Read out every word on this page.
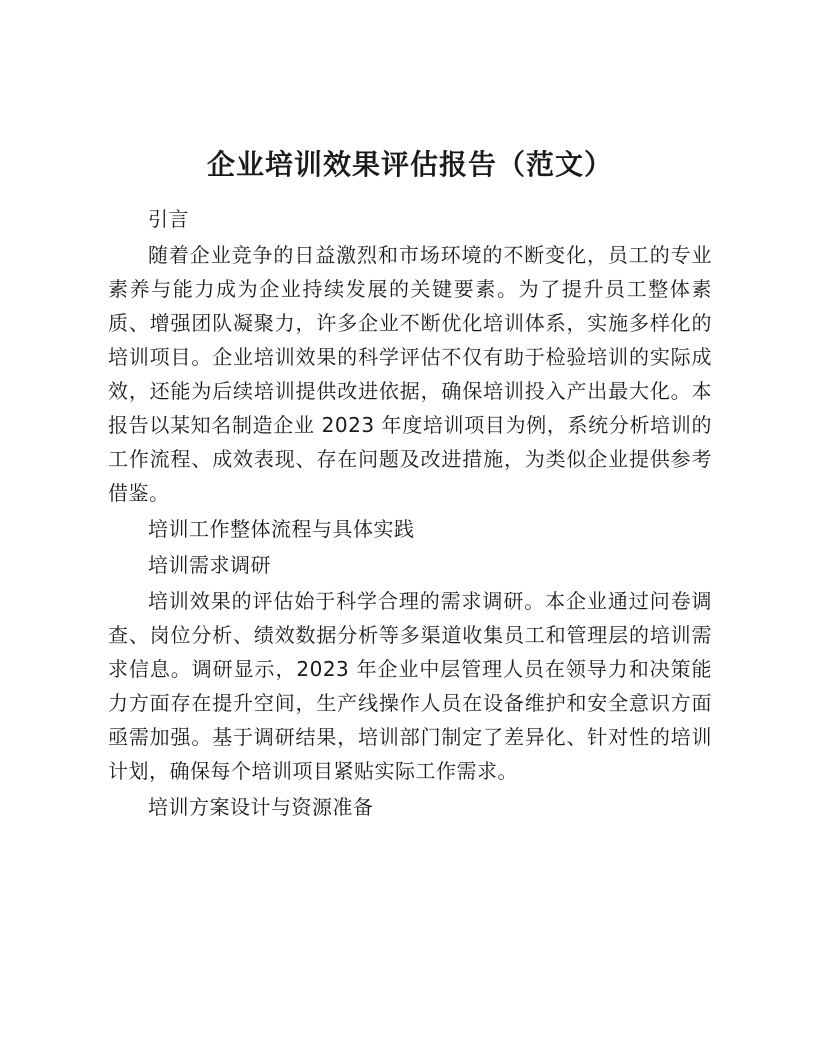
企业培训效果评估报告（范文）

引言

随着企业竞争的日益激烈和市场环境的不断变化，员工的专业素养与能力成为企业持续发展的关键要素。为了提升员工整体素质、增强团队凝聚力，许多企业不断优化培训体系，实施多样化的培训项目。企业培训效果的科学评估不仅有助于检验培训的实际成效，还能为后续培训提供改进依据，确保培训投入产出最大化。本报告以某知名制造企业 2023 年度培训项目为例，系统分析培训的工作流程、成效表现、存在问题及改进措施，为类似企业提供参考借鉴。

培训工作整体流程与具体实践

培训需求调研

培训效果的评估始于科学合理的需求调研。本企业通过问卷调查、岗位分析、绩效数据分析等多渠道收集员工和管理层的培训需求信息。调研显示，2023 年企业中层管理人员在领导力和决策能力方面存在提升空间，生产线操作人员在设备维护和安全意识方面亟需加强。基于调研结果，培训部门制定了差异化、针对性的培训计划，确保每个培训项目紧贴实际工作需求。

培训方案设计与资源准备
